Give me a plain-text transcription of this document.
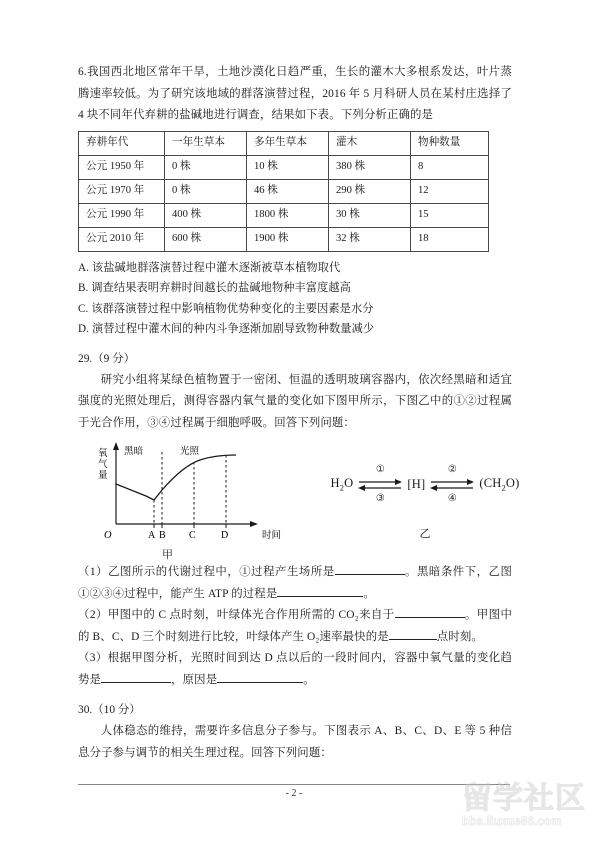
6.我国西北地区常年干旱，土地沙漠化日趋严重，生长的灌木大多根系发达，叶片蒸腾速率较低。为了研究该地域的群落演替过程，2016 年 5 月科研人员在某村庄选择了 4 块不同年代弃耕的盐碱地进行调查，结果如下表。下列分析正确的是

弃耕年代	一年生草本	多年生草本	灌木	物种数量
公元 1950 年	0 株	10 株	380 株	8
公元 1970 年	0 株	46 株	290 株	12
公元 1990 年	400 株	1800 株	30 株	15
公元 2010 年	600 株	1900 株	32 株	18

A. 该盐碱地群落演替过程中灌木逐渐被草本植物取代

B. 调查结果表明弃耕时间越长的盐碱地物种丰富度越高

C. 该群落演替过程中影响植物优势种变化的主要因素是水分

D. 演替过程中灌木间的种内斗争逐渐加剧导致物种数量减少

29.（9 分）

研究小组将某绿色植物置于一密闭、恒温的透明玻璃容器内，依次经黑暗和适宜强度的光照处理后，测得容器内氧气量的变化如下图甲所示，下图乙中的①②过程属于光合作用，③④过程属于细胞呼吸。回答下列问题：

氧
气
量
黑暗	光照
O	A B C	D	时间
甲
$H_2O$
①
③
[H]
②
④
$(CH_2O)$
乙

（1）乙图所示的代谢过程中，①过程产生场所是	。黑暗条件下，乙图①②③④过程中，能产生 ATP 的过程是	。

（2）甲图中的 C 点时刻，叶绿体光合作用所需的 CO₂来自于	。甲图中的 B、C、D 三个时刻进行比较，叶绿体产生 O₂速率最快的是	点时刻。

（3）根据甲图分析，光照时间到达 D 点以后的一段时间内，容器中氧气量的变化趋势是	，原因是	。

30.（10 分）

人体稳态的维持，需要许多信息分子参与。下图表示 A、B、C、D、E 等 5 种信息分子参与调节的相关生理过程。回答下列问题：

- 2 -	留学社区
bbs.liuxue86.com
